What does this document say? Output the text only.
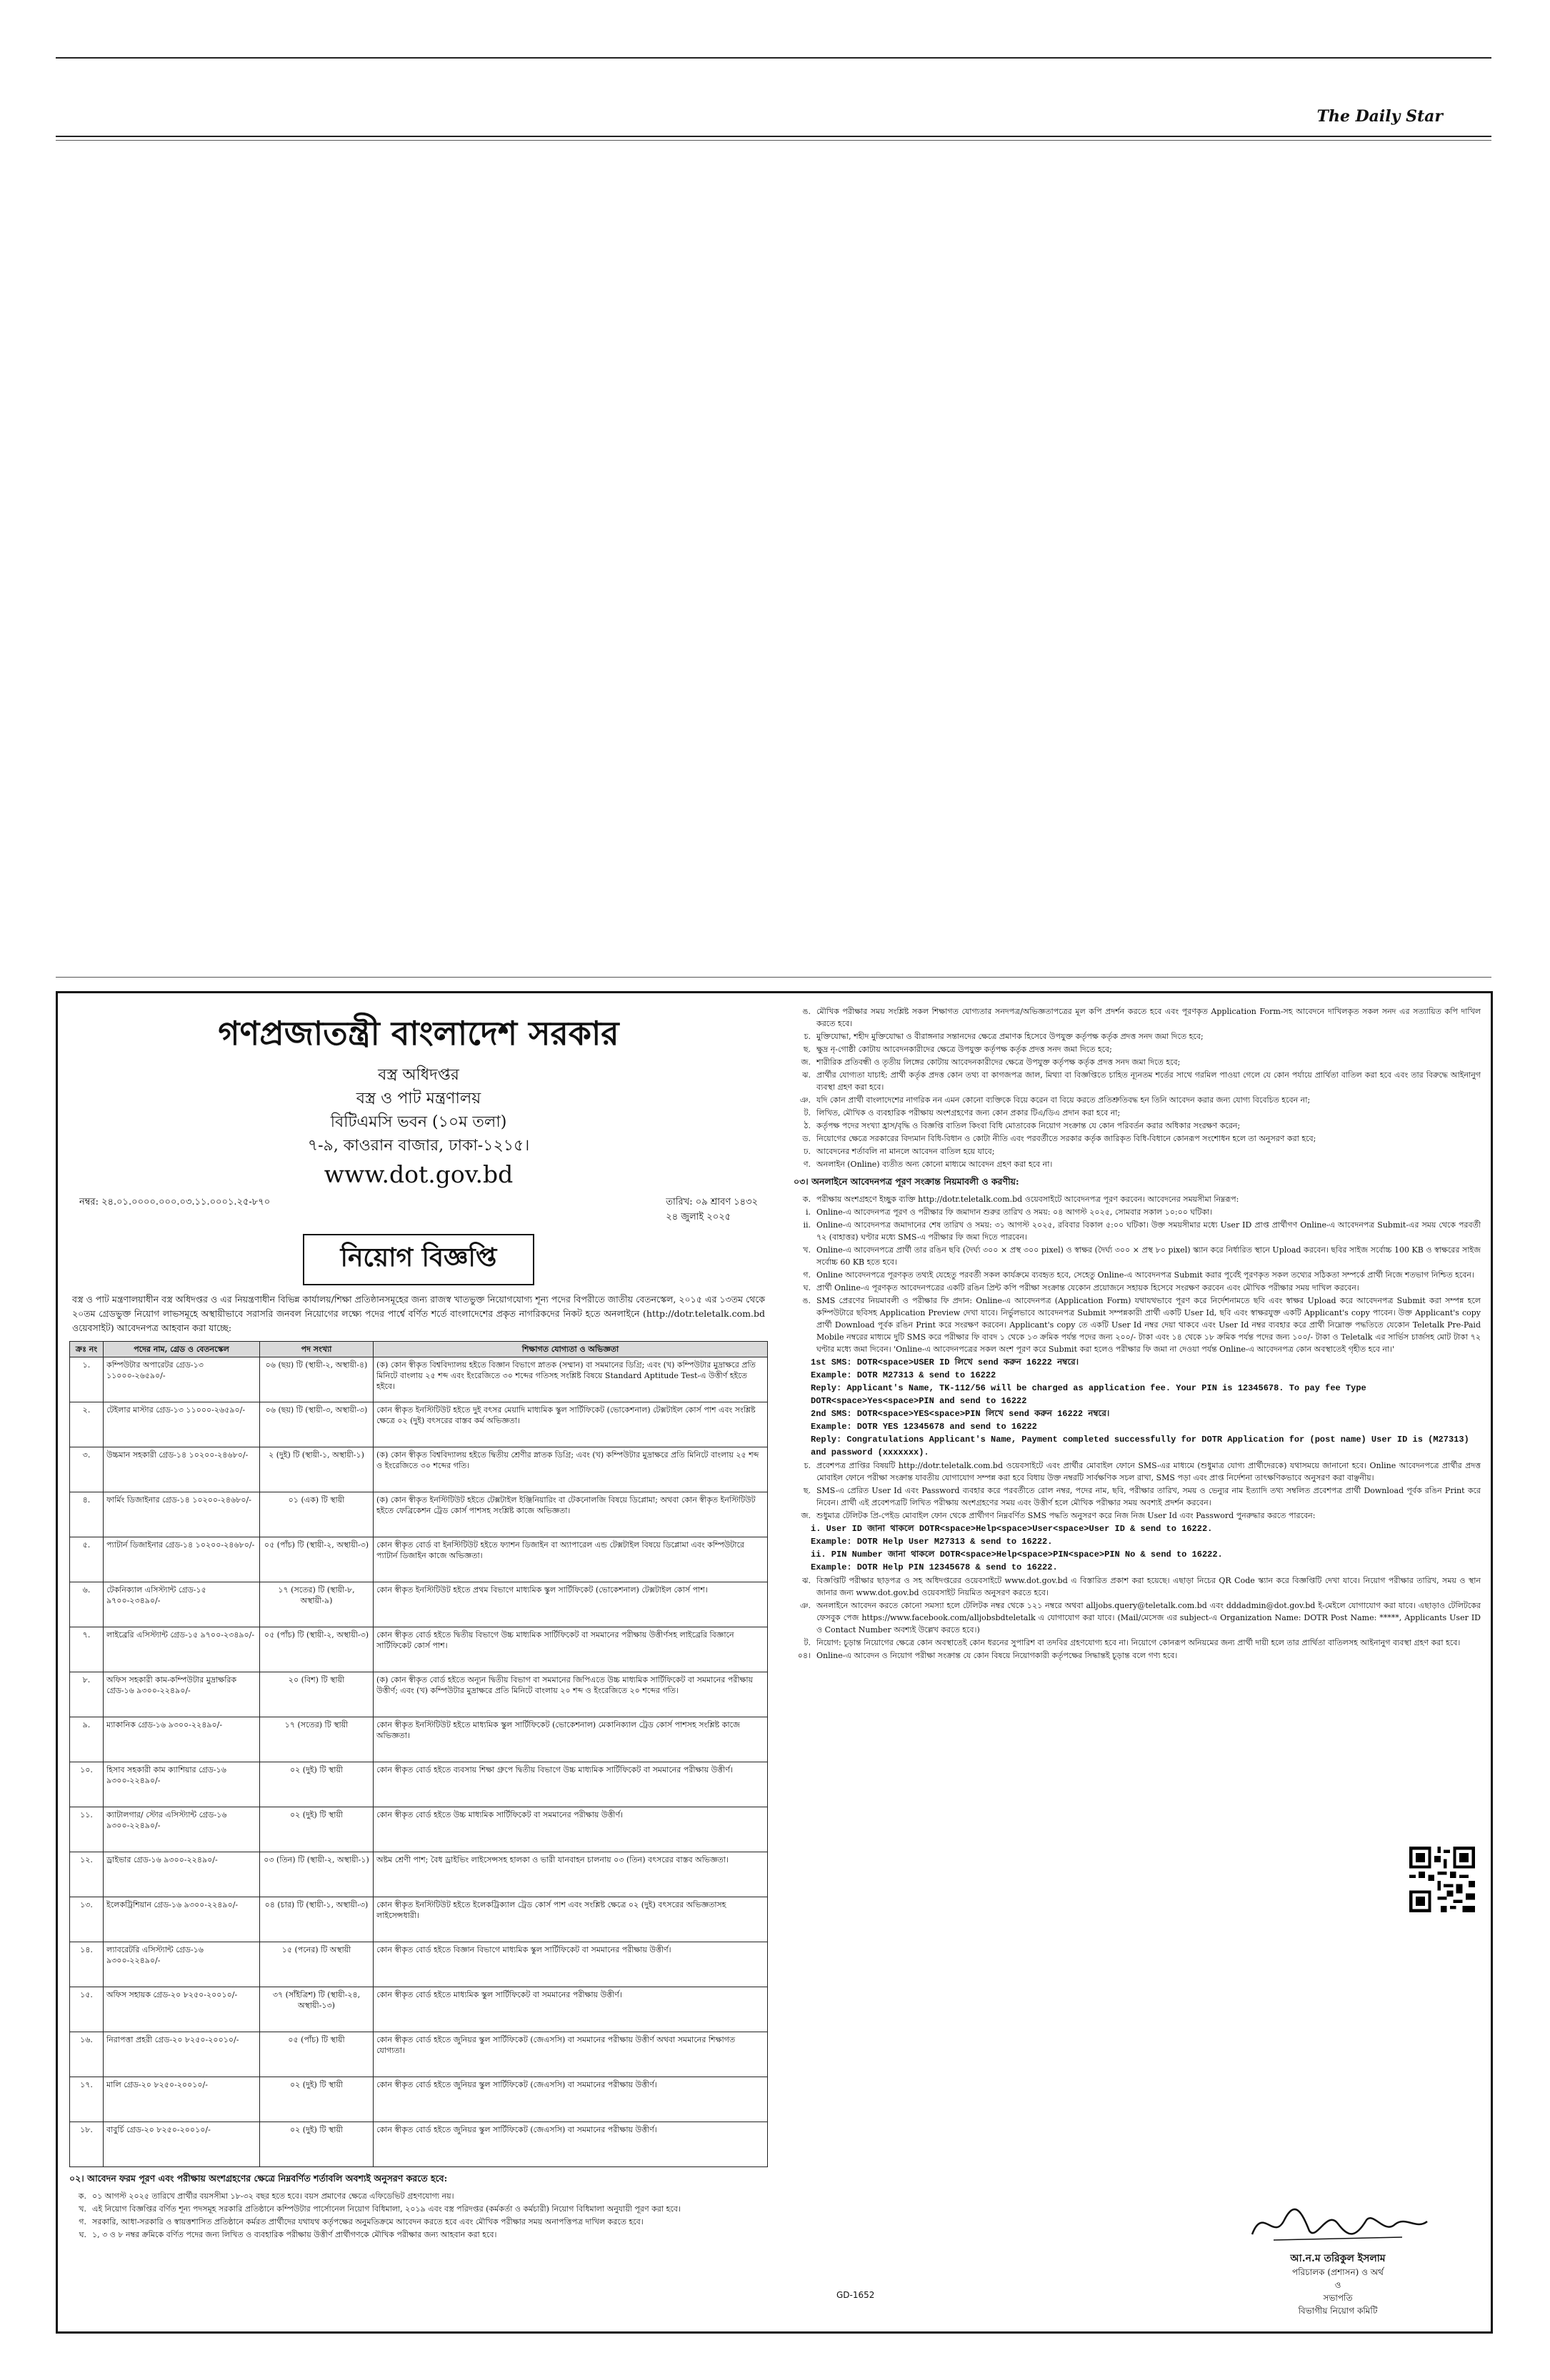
The Daily Star
গণপ্রজাতন্ত্রী বাংলাদেশ সরকার
বস্ত্র অধিদপ্তর
বস্ত্র ও পাট মন্ত্রণালয়
বিটিএমসি ভবন (১০ম তলা)
৭-৯, কাওরান বাজার, ঢাকা-১২১৫।
www.dot.gov.bd
নম্বর: ২৪.০১.০০০০.০০০.০৩.১১.০০০১.২৫-৮৭০	তারিখ: ০৯ শ্রাবণ ১৪৩২
২৪ জুলাই ২০২৫
নিয়োগ বিজ্ঞপ্তি
বস্ত্র ও পাট মন্ত্রণালয়াধীন বস্ত্র অধিদপ্তর ও এর নিয়ন্ত্রণাধীন বিভিন্ন কার্যালয়/শিক্ষা প্রতিষ্ঠানসমূহের জন্য রাজস্ব খাতভুক্ত নিয়োগযোগ্য শূন্য পদের বিপরীতে জাতীয় বেতনস্কেল, ২০১৫ এর ১৩তম থেকে ২০তম গ্রেডভুক্ত নিয়োগ লাভসমূহে অস্থায়ীভাবে সরাসরি জনবল নিয়োগের লক্ষ্যে পদের পার্শ্বে বর্ণিত শর্তে বাংলাদেশের প্রকৃত নাগরিকদের নিকট হতে অনলাইনে (http://dotr.teletalk.com.bd ওয়েবসাইট) আবেদনপত্র আহবান করা যাচ্ছে:
ক্রঃ নং	পদের নাম, গ্রেড ও বেতনস্কেল	পদ সংখ্যা	শিক্ষাগত যোগ্যতা ও অভিজ্ঞতা
১.	কম্পিউটার অপারেটর গ্রেড-১৩ ১১০০০-২৬৫৯০/-	০৬ (ছয়) টি (স্থায়ী-২, অস্থায়ী-৪)	(ক) কোন স্বীকৃত বিশ্ববিদ্যালয় হইতে বিজ্ঞান বিভাগে স্নাতক (সম্মান) বা সমমানের ডিগ্রি; এবং (খ) কম্পিউটার মুদ্রাক্ষরে প্রতি মিনিটে বাংলায় ২৫ শব্দ এবং ইংরেজিতে ৩০ শব্দের গতিসহ সংশ্লিষ্ট বিষয়ে Standard Aptitude Test-এ উত্তীর্ণ হইতে হইবে।
২.	টেইলার মাস্টার গ্রেড-১৩ ১১০০০-২৬৫৯০/-	০৬ (ছয়) টি (স্থায়ী-৩, অস্থায়ী-৩)	কোন স্বীকৃত ইনস্টিটিউট হইতে দুই বৎসর মেয়াদি মাধ্যমিক স্কুল সার্টিফিকেট (ভোকেশনাল) টেক্সটাইল কোর্স পাশ এবং সংশ্লিষ্ট ক্ষেত্রে ০২ (দুই) বৎসরের বাস্তব কর্ম অভিজ্ঞতা।
৩.	উচ্চমান সহকারী গ্রেড-১৪ ১০২০০-২৪৬৮০/-	২ (দুই) টি (স্থায়ী-১, অস্থায়ী-১)	(ক) কোন স্বীকৃত বিশ্ববিদ্যালয় হইতে দ্বিতীয় শ্রেণীর স্নাতক ডিগ্রি; এবং (খ) কম্পিউটার মুদ্রাক্ষরে প্রতি মিনিটে বাংলায় ২৫ শব্দ ও ইংরেজিতে ৩০ শব্দের গতি।
৪.	ফার্মিং ডিজাইনার গ্রেড-১৪ ১০২০০-২৪৬৮০/-	০১ (এক) টি স্থায়ী	(ক) কোন স্বীকৃত ইনস্টিটিউট হইতে টেক্সটাইল ইঞ্জিনিয়ারিং বা টেকনোলজি বিষয়ে ডিপ্লোমা; অথবা কোন স্বীকৃত ইনস্টিটিউট হইতে ফেব্রিকেশন ট্রেড কোর্স পাশসহ সংশ্লিষ্ট কাজে অভিজ্ঞতা।
৫.	প্যাটার্ন ডিজাইনার গ্রেড-১৪ ১০২০০-২৪৬৮০/-	০৫ (পাঁচ) টি (স্থায়ী-২, অস্থায়ী-৩)	কোন স্বীকৃত বোর্ড বা ইনস্টিটিউট হইতে ফ্যাশন ডিজাইন বা অ্যাপারেল এন্ড টেক্সটাইল বিষয়ে ডিপ্লোমা এবং কম্পিউটারে প্যাটার্ন ডিজাইন কাজে অভিজ্ঞতা।
৬.	টেকনিক্যাল এসিস্ট্যান্ট গ্রেড-১৫ ৯৭০০-২৩৪৯০/-	১৭ (সতের) টি (স্থায়ী-৮, অস্থায়ী-৯)	কোন স্বীকৃত ইনস্টিটিউট হইতে প্রথম বিভাগে মাধ্যমিক স্কুল সার্টিফিকেট (ভোকেশনাল) টেক্সটাইল কোর্স পাশ।
৭.	লাইব্রেরি এসিস্ট্যান্ট গ্রেড-১৫ ৯৭০০-২৩৪৯০/-	০৫ (পাঁচ) টি (স্থায়ী-২, অস্থায়ী-৩)	কোন স্বীকৃত বোর্ড হইতে দ্বিতীয় বিভাগে উচ্চ মাধ্যমিক সার্টিফিকেট বা সমমানের পরীক্ষায় উত্তীর্ণসহ লাইব্রেরি বিজ্ঞানে সার্টিফিকেট কোর্স পাশ।
৮.	অফিস সহকারী কাম-কম্পিউটার মুদ্রাক্ষরিক গ্রেড-১৬ ৯৩০০-২২৪৯০/-	২০ (বিশ) টি স্থায়ী	(ক) কোন স্বীকৃত বোর্ড হইতে অন্যূন দ্বিতীয় বিভাগ বা সমমানের জিপিএতে উচ্চ মাধ্যমিক সার্টিফিকেট বা সমমানের পরীক্ষায় উত্তীর্ণ; এবং (খ) কম্পিউটার মুদ্রাক্ষরে প্রতি মিনিটে বাংলায় ২০ শব্দ ও ইংরেজিতে ২০ শব্দের গতি।
৯.	ম্যাকানিক গ্রেড-১৬ ৯৩০০-২২৪৯০/-	১৭ (সতের) টি স্থায়ী	কোন স্বীকৃত ইনস্টিটিউট হইতে মাধ্যমিক স্কুল সার্টিফিকেট (ভোকেশনাল) মেকানিক্যাল ট্রেড কোর্স পাশসহ সংশ্লিষ্ট কাজে অভিজ্ঞতা।
১০.	হিসাব সহকারী কাম ক্যাশিয়ার গ্রেড-১৬ ৯৩০০-২২৪৯০/-	০২ (দুই) টি স্থায়ী	কোন স্বীকৃত বোর্ড হইতে ব্যবসায় শিক্ষা গ্রুপে দ্বিতীয় বিভাগে উচ্চ মাধ্যমিক সার্টিফিকেট বা সমমানের পরীক্ষায় উত্তীর্ণ।
১১.	ক্যাটালগার/ স্টোর এসিস্ট্যান্ট গ্রেড-১৬ ৯৩০০-২২৪৯০/-	০২ (দুই) টি স্থায়ী	কোন স্বীকৃত বোর্ড হইতে উচ্চ মাধ্যমিক সার্টিফিকেট বা সমমানের পরীক্ষায় উত্তীর্ণ।
১২.	ড্রাইভার গ্রেড-১৬ ৯৩০০-২২৪৯০/-	০৩ (তিন) টি (স্থায়ী-২, অস্থায়ী-১)	অষ্টম শ্রেণী পাশ; বৈধ ড্রাইভিং লাইসেন্সসহ হালকা ও ভারী যানবাহন চালনায় ০৩ (তিন) বৎসরের বাস্তব অভিজ্ঞতা।
১৩.	ইলেকট্রিশিয়ান গ্রেড-১৬ ৯৩০০-২২৪৯০/-	০৪ (চার) টি (স্থায়ী-১, অস্থায়ী-৩)	কোন স্বীকৃত ইনস্টিটিউট হইতে ইলেকট্রিক্যাল ট্রেড কোর্স পাশ এবং সংশ্লিষ্ট ক্ষেত্রে ০২ (দুই) বৎসরের অভিজ্ঞতাসহ লাইসেন্সধারী।
১৪.	ল্যাবরেটরি এসিস্ট্যান্ট গ্রেড-১৬ ৯৩০০-২২৪৯০/-	১৫ (পনের) টি অস্থায়ী	কোন স্বীকৃত বোর্ড হইতে বিজ্ঞান বিভাগে মাধ্যমিক স্কুল সার্টিফিকেট বা সমমানের পরীক্ষায় উত্তীর্ণ।
১৫.	অফিস সহায়ক গ্রেড-২০ ৮২৫০-২০০১০/-	৩৭ (সাঁইত্রিশ) টি (স্থায়ী-২৪, অস্থায়ী-১৩)	কোন স্বীকৃত বোর্ড হইতে মাধ্যমিক স্কুল সার্টিফিকেট বা সমমানের পরীক্ষায় উত্তীর্ণ।
১৬.	নিরাপত্তা প্রহরী গ্রেড-২০ ৮২৫০-২০০১০/-	০৫ (পাঁচ) টি স্থায়ী	কোন স্বীকৃত বোর্ড হইতে জুনিয়র স্কুল সার্টিফিকেট (জেএসসি) বা সমমানের পরীক্ষায় উত্তীর্ণ অথবা সমমানের শিক্ষাগত যোগ্যতা।
১৭.	মালি গ্রেড-২০ ৮২৫০-২০০১০/-	০২ (দুই) টি স্থায়ী	কোন স্বীকৃত বোর্ড হইতে জুনিয়র স্কুল সার্টিফিকেট (জেএসসি) বা সমমানের পরীক্ষায় উত্তীর্ণ।
১৮.	বাবুর্চি গ্রেড-২০ ৮২৫০-২০০১০/-	০২ (দুই) টি স্থায়ী	কোন স্বীকৃত বোর্ড হইতে জুনিয়র স্কুল সার্টিফিকেট (জেএসসি) বা সমমানের পরীক্ষায় উত্তীর্ণ।
০২। আবেদন ফরম পূরণ এবং পরীক্ষায় অংশগ্রহণের ক্ষেত্রে নিম্নবর্ণিত শর্তাবলি অবশ্যই অনুসরণ করতে হবে:
ক. ০১ আগস্ট ২০২৫ তারিখে প্রার্থীর বয়সসীমা ১৮-৩২ বছর হতে হবে। বয়স প্রমাণের ক্ষেত্রে এফিডেভিট গ্রহণযোগ্য নয়।
খ. এই নিয়োগ বিজ্ঞপ্তির বর্ণিত শূন্য পদসমূহ সরকারি প্রতিষ্ঠানে কম্পিউটার পার্সোনেল নিয়োগ বিধিমালা, ২০১৯ এবং বস্ত্র পরিদপ্তর (কর্মকর্তা ও কর্মচারী) নিয়োগ বিধিমালা অনুযায়ী পূরণ করা হবে।
গ. সরকারি, আধা-সরকারি ও স্বায়ত্তশাসিত প্রতিষ্ঠানে কর্মরত প্রার্থীদের যথাযথ কর্তৃপক্ষের অনুমতিক্রমে আবেদন করতে হবে এবং মৌখিক পরীক্ষার সময় অনাপত্তিপত্র দাখিল করতে হবে।
ঘ. ১, ৩ ও ৮ নম্বর ক্রমিকে বর্ণিত পদের জন্য লিখিত ও ব্যবহারিক পরীক্ষায় উত্তীর্ণ প্রার্থীগণকে মৌখিক পরীক্ষার জন্য আহবান করা হবে।
ঙ. মৌখিক পরীক্ষার সময় সংশ্লিষ্ট সকল শিক্ষাগত যোগ্যতার সনদপত্র/অভিজ্ঞতাপত্রের মূল কপি প্রদর্শন করতে হবে এবং পূরণকৃত Application Form-সহ আবেদনে দাখিলকৃত সকল সনদ এর সত্যায়িত কপি দাখিল করতে হবে।
চ. মুক্তিযোদ্ধা, শহীদ মুক্তিযোদ্ধা ও বীরাঙ্গনার সন্তানদের ক্ষেত্রে প্রমাণক হিসেবে উপযুক্ত কর্তৃপক্ষ কর্তৃক প্রদত্ত সনদ জমা দিতে হবে;
ছ. ক্ষুদ্র নৃ-গোষ্ঠী কোটায় আবেদনকারীদের ক্ষেত্রে উপযুক্ত কর্তৃপক্ষ কর্তৃক প্রদত্ত সনদ জমা দিতে হবে;
জ. শারীরিক প্রতিবন্ধী ও তৃতীয় লিঙ্গের কোটায় আবেদনকারীদের ক্ষেত্রে উপযুক্ত কর্তৃপক্ষ কর্তৃক প্রদত্ত সনদ জমা দিতে হবে;
ঝ. প্রার্থীর যোগ্যতা যাচাই: প্রার্থী কর্তৃক প্রদত্ত কোন তথ্য বা কাগজপত্র জাল, মিথ্যা বা বিজ্ঞপ্তিতে চাহিত ন্যূনতম শর্তের সাথে গরমিল পাওয়া গেলে যে কোন পর্যায়ে প্রার্থিতা বাতিল করা হবে এবং তার বিরুদ্ধে আইনানুগ ব্যবস্থা গ্রহণ করা হবে।
ঞ. যদি কোন প্রার্থী বাংলাদেশের নাগরিক নন এমন কোনো ব্যক্তিকে বিয়ে করেন বা বিয়ে করতে প্রতিশ্রুতিবদ্ধ হন তিনি আবেদন করার জন্য যোগ্য বিবেচিত হবেন না;
ট. লিখিত, মৌখিক ও ব্যবহারিক পরীক্ষায় অংশগ্রহণের জন্য কোন প্রকার টিএ/ডিএ প্রদান করা হবে না;
ঠ. কর্তৃপক্ষ পদের সংখ্যা হ্রাস/বৃদ্ধি ও বিজ্ঞপ্তি বাতিল কিংবা বিধি মোতাবেক নিয়োগ সংক্রান্ত যে কোন পরিবর্তন করার অধিকার সংরক্ষণ করেন;
ড. নিয়োগের ক্ষেত্রে সরকারের বিদ্যমান বিধি-বিধান ও কোটা নীতি এবং পরবর্তীতে সরকার কর্তৃক জারিকৃত বিধি-বিধানে কোনরূপ সংশোধন হলে তা অনুসরণ করা হবে;
ঢ. আবেদনের শর্তাবলি না মানলে আবেদন বাতিল হয়ে যাবে;
ণ. অনলাইন (Online) ব্যতীত অন্য কোনো মাধ্যমে আবেদন গ্রহণ করা হবে না।
০৩। অনলাইনে আবেদনপত্র পূরণ সংক্রান্ত নিয়মাবলী ও করণীয়:
ক. পরীক্ষায় অংশগ্রহণে ইচ্ছুক ব্যক্তি http://dotr.teletalk.com.bd ওয়েবসাইটে আবেদনপত্র পূরণ করবেন। আবেদনের সময়সীমা নিম্নরূপ:
i. Online-এ আবেদনপত্র পূরণ ও পরীক্ষার ফি জমাদান শুরুর তারিখ ও সময়: ০৪ আগস্ট ২০২৫, সোমবার সকাল ১০:০০ ঘটিকা।
ii. Online-এ আবেদনপত্র জমাদানের শেষ তারিখ ও সময়: ৩১ আগস্ট ২০২৫, রবিবার বিকাল ৫:০০ ঘটিকা। উক্ত সময়সীমার মধ্যে User ID প্রাপ্ত প্রার্থীগণ Online-এ আবেদনপত্র Submit-এর সময় থেকে পরবর্তী ৭২ (বাহাত্তর) ঘণ্টার মধ্যে SMS-এ পরীক্ষার ফি জমা দিতে পারবেন।
খ. Online-এ আবেদনপত্রে প্রার্থী তার রঙিন ছবি (দৈর্ঘ্য ৩০০ × প্রস্থ ৩০০ pixel) ও স্বাক্ষর (দৈর্ঘ্য ৩০০ × প্রস্থ ৮০ pixel) স্ক্যান করে নির্ধারিত স্থানে Upload করবেন। ছবির সাইজ সর্বোচ্চ 100 KB ও স্বাক্ষরের সাইজ সর্বোচ্চ 60 KB হতে হবে।
গ. Online আবেদনপত্রে পূরণকৃত তথ্যই যেহেতু পরবর্তী সকল কার্যক্রমে ব্যবহৃত হবে, সেহেতু Online-এ আবেদনপত্র Submit করার পূর্বেই পূরণকৃত সকল তথ্যের সঠিকতা সম্পর্কে প্রার্থী নিজে শতভাগ নিশ্চিত হবেন।
ঘ. প্রার্থী Online-এ পূরণকৃত আবেদনপত্রের একটি রঙিন প্রিন্ট কপি পরীক্ষা সংক্রান্ত যেকোন প্রয়োজনে সহায়ক হিসেবে সংরক্ষণ করবেন এবং মৌখিক পরীক্ষার সময় দাখিল করবেন।
ঙ. SMS প্রেরণের নিয়মাবলী ও পরীক্ষার ফি প্রদান: Online-এ আবেদনপত্র (Application Form) যথাযথভাবে পূরণ করে নির্দেশনামতে ছবি এবং স্বাক্ষর Upload করে আবেদনপত্র Submit করা সম্পন্ন হলে কম্পিউটারে ছবিসহ Application Preview দেখা যাবে। নির্ভুলভাবে আবেদনপত্র Submit সম্পন্নকারী প্রার্থী একটি User Id, ছবি এবং স্বাক্ষরযুক্ত একটি Applicant's copy পাবেন। উক্ত Applicant's copy প্রার্থী Download পূর্বক রঙিন Print করে সংরক্ষণ করবেন। Applicant's copy তে একটি User Id নম্বর দেয়া থাকবে এবং User Id নম্বর ব্যবহার করে প্রার্থী নিম্নোক্ত পদ্ধতিতে যেকোন Teletalk Pre-Paid Mobile নম্বরের মাধ্যমে দুটি SMS করে পরীক্ষার ফি বাবদ ১ থেকে ১৩ ক্রমিক পর্যন্ত পদের জন্য ২০০/- টাকা এবং ১৪ থেকে ১৮ ক্রমিক পর্যন্ত পদের জন্য ১০০/- টাকা ও Teletalk এর সার্ভিস চার্জসহ মোট টাকা ৭২ ঘণ্টার মধ্যে জমা দিবেন। 'Online-এ আবেদনপত্রের সকল অংশ পূরণ করে Submit করা হলেও পরীক্ষার ফি জমা না দেওয়া পর্যন্ত Online-এ আবেদনপত্র কোন অবস্থাতেই গৃহীত হবে না।'
1st SMS: DOTR<space>USER ID লিখে send করুন 16222 নম্বরে।
Example: DOTR M27313 & send to 16222
Reply: Applicant's Name, TK-112/56 will be charged as application fee. Your PIN is 12345678. To pay fee Type DOTR<space>Yes<space>PIN and send to 16222
2nd SMS: DOTR<space>YES<space>PIN লিখে send করুন 16222 নম্বরে।
Example: DOTR YES 12345678 and send to 16222
Reply: Congratulations Applicant's Name, Payment completed successfully for DOTR Application for (post name) User ID is (M27313) and password (xxxxxxx).
চ. প্রবেশপত্র প্রাপ্তির বিষয়টি http://dotr.teletalk.com.bd ওয়েবসাইটে এবং প্রার্থীর মোবাইল ফোনে SMS-এর মাধ্যমে (শুধুমাত্র যোগ্য প্রার্থীদেরকে) যথাসময়ে জানানো হবে। Online আবেদনপত্রে প্রার্থীর প্রদত্ত মোবাইল ফোনে পরীক্ষা সংক্রান্ত যাবতীয় যোগাযোগ সম্পন্ন করা হবে বিধায় উক্ত নম্বরটি সার্বক্ষণিক সচল রাখা, SMS পড়া এবং প্রাপ্ত নির্দেশনা তাৎক্ষণিকভাবে অনুসরণ করা বাঞ্ছনীয়।
ছ. SMS-এ প্রেরিত User Id এবং Password ব্যবহার করে পরবর্তীতে রোল নম্বর, পদের নাম, ছবি, পরীক্ষার তারিখ, সময় ও ভেন্যুর নাম ইত্যাদি তথ্য সম্বলিত প্রবেশপত্র প্রার্থী Download পূর্বক রঙিন Print করে নিবেন। প্রার্থী এই প্রবেশপত্রটি লিখিত পরীক্ষায় অংশগ্রহণের সময় এবং উত্তীর্ণ হলে মৌখিক পরীক্ষার সময় অবশ্যই প্রদর্শন করবেন।
জ. শুধুমাত্র টেলিটক প্রি-পেইড মোবাইল ফোন থেকে প্রার্থীগণ নিম্নবর্ণিত SMS পদ্ধতি অনুসরণ করে নিজ নিজ User Id এবং Password পুনরুদ্ধার করতে পারবেন:
i. User ID জানা থাকলে DOTR<space>Help<space>User<space>User ID & send to 16222.
Example: DOTR Help User M27313 & send to 16222.
ii. PIN Number জানা থাকলে DOTR<space>Help<space>PIN<space>PIN No & send to 16222.
Example: DOTR Help PIN 12345678 & send to 16222.
ঝ. বিজ্ঞপ্তিটি পরীক্ষার ছাড়পত্র ও সহ অধিদপ্তরের ওয়েবসাইটে www.dot.gov.bd এ বিস্তারিত প্রকাশ করা হয়েছে। এছাড়া নিচের QR Code স্ক্যান করে বিজ্ঞপ্তিটি দেখা যাবে। নিয়োগ পরীক্ষার তারিখ, সময় ও স্থান জানার জন্য www.dot.gov.bd ওয়েবসাইট নিয়মিত অনুসরণ করতে হবে।
ঞ. অনলাইনে আবেদন করতে কোনো সমস্যা হলে টেলিটক নম্বর থেকে ১২১ নম্বরে অথবা alljobs.query@teletalk.com.bd এবং dddadmin@dot.gov.bd ই-মেইলে যোগাযোগ করা যাবে। এছাড়াও টেলিটকের ফেসবুক পেজ https://www.facebook.com/alljobsbdteletalk এ যোগাযোগ করা যাবে। (Mail/মেসেজ এর subject-এ Organization Name: DOTR Post Name: *****, Applicants User ID ও Contact Number অবশ্যই উল্লেখ করতে হবে।)
ট. নিয়োগ: চূড়ান্ত নিয়োগের ক্ষেত্রে কোন অবস্থাতেই কোন ধরনের সুপারিশ বা তদবির গ্রহণযোগ্য হবে না। নিয়োগে কোনরূপ অনিয়মের জন্য প্রার্থী দায়ী হলে তার প্রার্থিতা বাতিলসহ আইনানুগ ব্যবস্থা গ্রহণ করা হবে।
০৪। Online-এ আবেদন ও নিয়োগ পরীক্ষা সংক্রান্ত যে কোন বিষয়ে নিয়োগকারী কর্তৃপক্ষের সিদ্ধান্তই চূড়ান্ত বলে গণ্য হবে।
আ.ন.ম তরিকুল ইসলাম
পরিচালক (প্রশাসন) ও অর্থ
ও
সভাপতি
বিভাগীয় নিয়োগ কমিটি
GD-1652
